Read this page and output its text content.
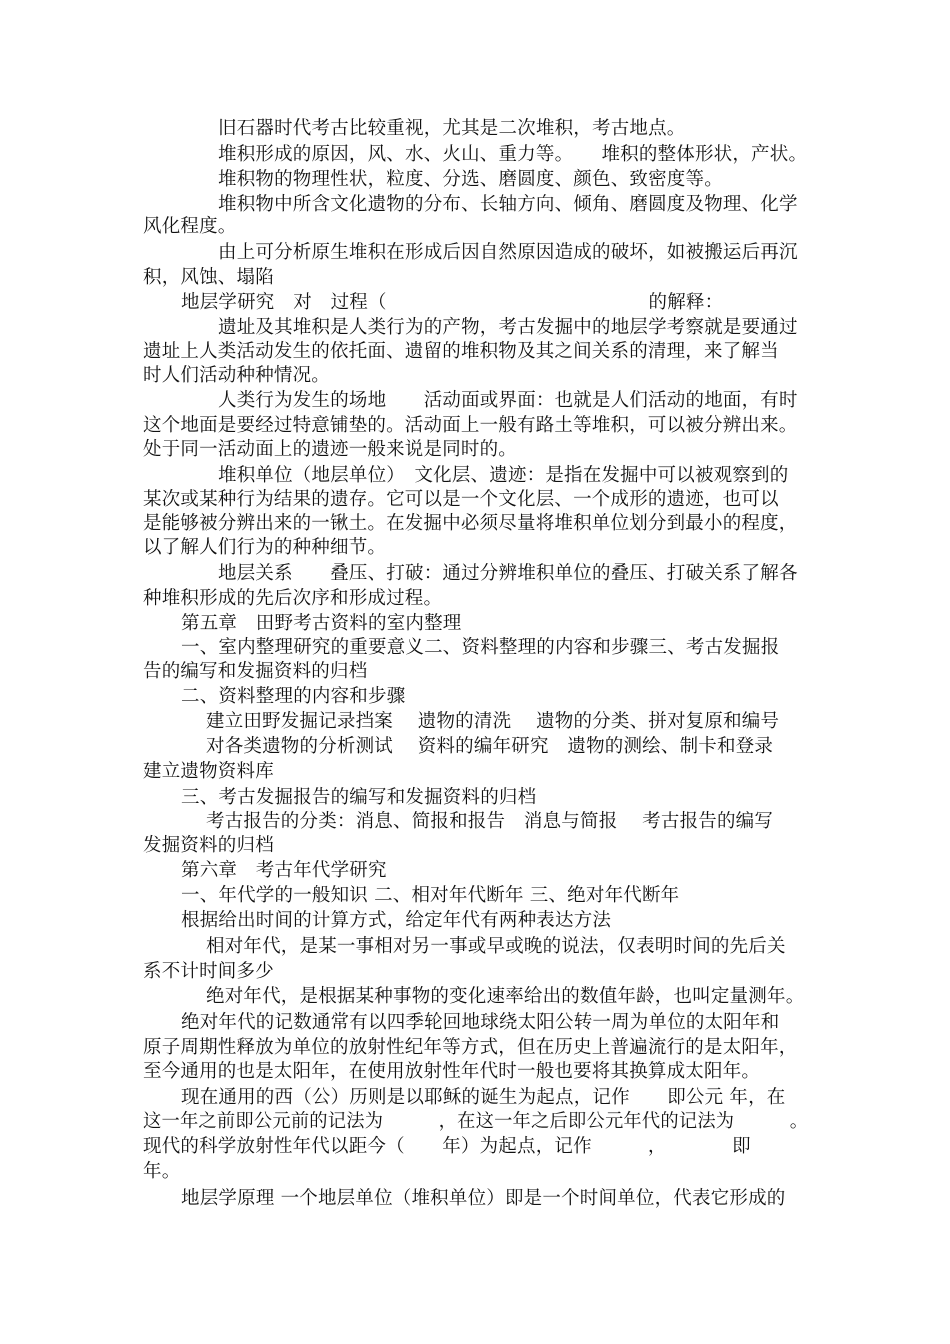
旧石器时代考古比较重视，尤其是二次堆积，考古地点。
堆积形成的原因，风、水、火山、重力等。　　堆积的整体形状，产状。
堆积物的物理性状，粒度、分选、磨圆度、颜色、致密度等。
堆积物中所含文化遗物的分布、长轴方向、倾角、磨圆度及物理、化学
风化程度。
由上可分析原生堆积在形成后因自然原因造成的破坏，如被搬运后再沉
积，风蚀、塌陷
地层学研究　对　过程（　　　　　　　　　　　　　　的解释：
遗址及其堆积是人类行为的产物，考古发掘中的地层学考察就是要通过
遗址上人类活动发生的依托面、遗留的堆积物及其之间关系的清理，来了解当
时人们活动种种情况。
人类行为发生的场地　　活动面或界面：也就是人们活动的地面，有时
这个地面是要经过特意铺垫的。活动面上一般有路土等堆积，可以被分辨出来。
处于同一活动面上的遗迹一般来说是同时的。
堆积单位（地层单位）　文化层、遗迹：是指在发掘中可以被观察到的
某次或某种行为结果的遗存。它可以是一个文化层、一个成形的遗迹，也可以
是能够被分辨出来的一锹土。在发掘中必须尽量将堆积单位划分到最小的程度，
以了解人们行为的种种细节。
地层关系　　叠压、打破：通过分辨堆积单位的叠压、打破关系了解各
种堆积形成的先后次序和形成过程。
第五章　田野考古资料的室内整理
一、室内整理研究的重要意义二、资料整理的内容和步骤三、考古发掘报
告的编写和发掘资料的归档
二、资料整理的内容和步骤
建立田野发掘记录挡案　 遗物的清洗　 遗物的分类、拼对复原和编号
对各类遗物的分析测试　 资料的编年研究　遗物的测绘、制卡和登录
建立遗物资料库
三、考古发掘报告的编写和发掘资料的归档
考古报告的分类：消息、简报和报告　消息与简报　 考古报告的编写
发掘资料的归档
第六章　考古年代学研究
一、年代学的一般知识 二、相对年代断年 三、绝对年代断年
根据给出时间的计算方式，给定年代有两种表达方法
相对年代，是某一事相对另一事或早或晚的说法，仅表明时间的先后关
系不计时间多少
绝对年代，是根据某种事物的变化速率给出的数值年龄，也叫定量测年。
绝对年代的记数通常有以四季轮回地球绕太阳公转一周为单位的太阳年和
原子周期性释放为单位的放射性纪年等方式，但在历史上普遍流行的是太阳年，
至今通用的也是太阳年，在使用放射性年代时一般也要将其换算成太阳年。
现在通用的西（公）历则是以耶稣的诞生为起点，记作　　即公元 年，在
这一年之前即公元前的记法为　　　，在这一年之后即公元年代的记法为　　　。
现代的科学放射性年代以距今（　　年）为起点，记作　　　，　　　　即
年。
地层学原理 一个地层单位（堆积单位）即是一个时间单位，代表它形成的
